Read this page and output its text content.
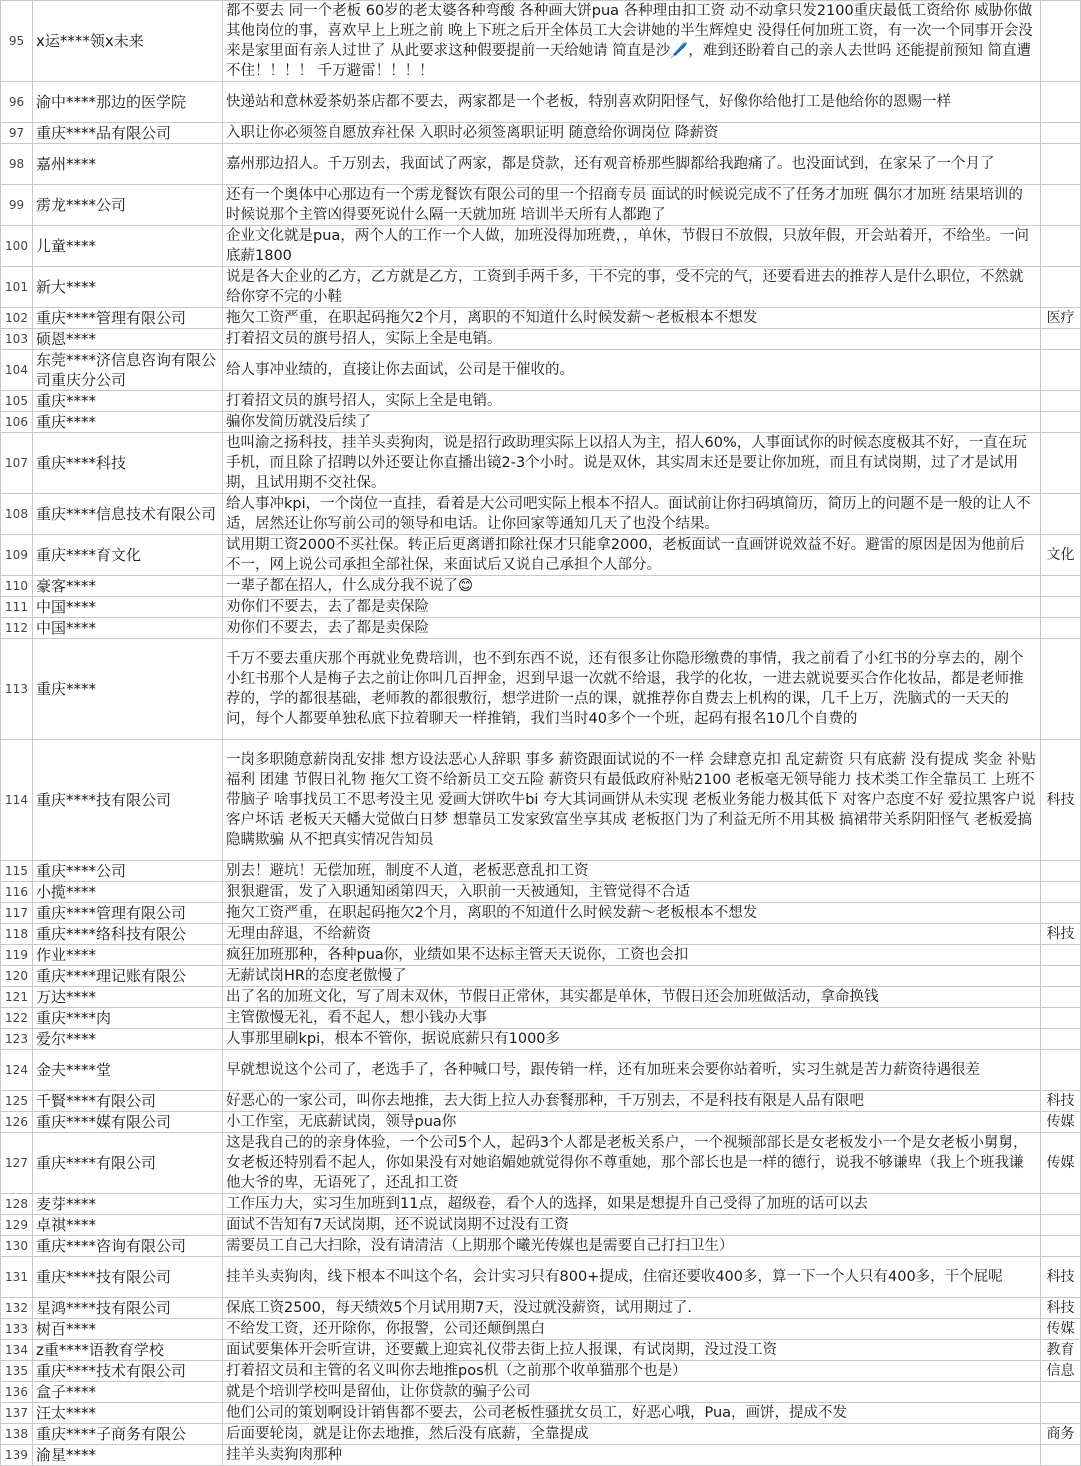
95	x运****领x未来	都不要去 同一个老板 60岁的老太婆各种弯酸 各种画大饼pua 各种理由扣工资 动不动拿只发2100重庆最低工资给你 威胁你做其他岗位的事，喜欢早上上班之前 晚上下班之后开全体员工大会讲她的半生辉煌史 没得任何加班工资，有一次一个同事开会没来是家里面有亲人过世了 从此要求这种假要提前一天给她请 简直是沙🖊️，难到还盼着自己的亲人去世吗 还能提前预知 简直遭不住！！！！ 千万避雷！！！！	
96	渝中****那边的医学院	快递站和意林爱茶奶茶店都不要去，两家都是一个老板，特别喜欢阴阳怪气，好像你给他打工是他给你的恩赐一样	
97	重庆****品有限公司	入职让你必须签自愿放弃社保 入职时必须签离职证明 随意给你调岗位 降薪资	
98	嘉州****	嘉州那边招人。千万别去，我面试了两家，都是贷款，还有观音桥那些脚都给我跑痛了。也没面试到，在家呆了一个月了	
99	雳龙****公司	还有一个奥体中心那边有一个雳龙餐饮有限公司的里一个招商专员 面试的时候说完成不了任务才加班 偶尔才加班 结果培训的时候说那个主管凶得要死说什么隔一天就加班 培训半天所有人都跑了	
100	儿童****	企业文化就是pua，两个人的工作一个人做，加班没得加班费，，单休，节假日不放假，只放年假，开会站着开，不给坐。一问底薪1800	
101	新大****	说是各大企业的乙方，乙方就是乙方，工资到手两千多，干不完的事，受不完的气，还要看进去的推荐人是什么职位，不然就给你穿不完的小鞋	
102	重庆****管理有限公司	拖欠工资严重，在职起码拖欠2个月，离职的不知道什么时候发薪～老板根本不想发	医疗
103	硕恩****	打着招文员的旗号招人，实际上全是电销。	
104	东莞****济信息咨询有限公司重庆分公司	给人事冲业绩的，直接让你去面试，公司是干催收的。	
105	重庆****	打着招文员的旗号招人，实际上全是电销。	
106	重庆****	骗你发简历就没后续了	
107	重庆****科技	也叫渝之扬科技，挂羊头卖狗肉，说是招行政助理实际上以招人为主，招人60%，人事面试你的时候态度极其不好，一直在玩手机，而且除了招聘以外还要让你直播出镜2-3个小时。说是双休，其实周末还是要让你加班，而且有试岗期，过了才是试用期，且试用期不交社保。	
108	重庆****信息技术有限公司	给人事冲kpi，一个岗位一直挂，看着是大公司吧实际上根本不招人。面试前让你扫码填简历，简历上的问题不是一般的让人不适，居然还让你写前公司的领导和电话。让你回家等通知几天了也没个结果。	
109	重庆****育文化	试用期工资2000不买社保。转正后更离谱扣除社保才只能拿2000，老板面试一直画饼说效益不好。避雷的原因是因为他前后不一，网上说公司承担全部社保，来面试后又说自己承担个人部分。	文化
110	豪客****	一辈子都在招人，什么成分我不说了😊	
111	中国****	劝你们不要去，去了都是卖保险	
112	中国****	劝你们不要去，去了都是卖保险	
113	重庆****	千万不要去重庆那个再就业免费培训，也不到东西不说，还有很多让你隐形缴费的事情，我之前看了小红书的分享去的，剐个小红书那个人是梅子去之前让你叫几百押金，迟到早退一次就不给退，我学的化妆，一进去就说要买合作化妆品，都是老师推荐的，学的都很基础，老师教的都很敷衍，想学进阶一点的课，就推荐你自费去上机构的课，几千上万，洗脑式的一天天的问，每个人都要单独私底下拉着聊天一样推销，我们当时40多个一个班，起码有报名10几个自费的	
114	重庆****技有限公司	一岗多职随意薪岗乱安排 想方设法恶心人辞职 事多 薪资跟面试说的不一样 会肆意克扣 乱定薪资 只有底薪 没有提成 奖金 补贴 福利 团建 节假日礼物 拖欠工资不给新员工交五险 薪资只有最低政府补贴2100 老板毫无领导能力 技术类工作全靠员工 上班不带脑子 啥事找员工不思考没主见 爱画大饼吹牛bi 夸大其词画饼从未实现 老板业务能力极其低下 对客户态度不好 爱拉黑客户说客户坏话 老板天天幡大觉做白日梦 想靠员工发家致富坐享其成 老板抠门为了利益无所不用其极 搞裙带关系阴阳怪气 老板爱搞隐瞒欺骗 从不把真实情况告知员	科技
115	重庆****公司	别去！避坑！无偿加班，制度不人道，老板恶意乱扣工资	
116	小揽****	狠狠避雷，发了入职通知函第四天，入职前一天被通知，主管觉得不合适	
117	重庆****管理有限公司	拖欠工资严重，在职起码拖欠2个月，离职的不知道什么时候发薪～老板根本不想发	
118	重庆****络科技有限公	无理由辞退，不给薪资	科技
119	作业****	疯狂加班那种，各种pua你，业绩如果不达标主管天天说你，工资也会扣	
120	重庆****理记账有限公	无薪试岗HR的态度老傲慢了	
121	万达****	出了名的加班文化，写了周末双休，节假日正常休，其实都是单休，节假日还会加班做活动，拿命换钱	
122	重庆****肉	主管傲慢无礼，看不起人，想小钱办大事	
123	爱尔****	人事那里刷kpi，根本不管你，据说底薪只有1000多	
124	金夫****堂	早就想说这个公司了，老选手了，各种喊口号，跟传销一样，还有加班来会要你站着听，实习生就是苦力薪资待遇很差	
125	千賢****有限公司	好恶心的一家公司，叫你去地推，去大街上拉人办套餐那种，千万别去，不是科技有限是人品有限吧	科技
126	重庆****媒有限公司	小工作室，无底薪试岗，领导pua你	传媒
127	重庆****有限公司	这是我自己的的亲身体验，一个公司5个人，起码3个人都是老板关系户，一个视频部部长是女老板发小一个是女老板小舅舅，女老板还特别看不起人，你如果没有对她谄媚她就觉得你不尊重她，那个部长也是一样的德行，说我不够谦卑（我上个班我谦他大爷的卑，无语死了，还乱扣工资	传媒
128	麦芽****	工作压力大，实习生加班到11点，超级卷，看个人的选择，如果是想提升自己受得了加班的话可以去	
129	卓祺****	面试不告知有7天试岗期，还不说试岗期不过没有工资	
130	重庆****咨询有限公司	需要员工自己大扫除，没有请清洁（上期那个曦光传媒也是需要自己打扫卫生）	
131	重庆****技有限公司	挂羊头卖狗肉，线下根本不叫这个名，会计实习只有800+提成，住宿还要收400多，算一下一个人只有400多，干个屁呢	科技
132	星鸿****技有限公司	保底工资2500，每天绩效5个月试用期7天，没过就没薪资，试用期过了.	科技
133	树百****	不给发工资，还开除你，你报警，公司还颠倒黑白	传媒
134	z重****语教育学校	面试要集体开会听宣讲，还要戴上迎宾礼仪带去街上拉人报课，有试岗期，没过没工资	教育
135	重庆****技术有限公司	打着招文员和主管的名义叫你去地推pos机（之前那个收单猫那个也是）	信息
136	盒子****	就是个培训学校叫是留仙，让你贷款的骗子公司	
137	汪太****	他们公司的策划啊设计销售都不要去，公司老板性骚扰女员工，好恶心哦，Pua，画饼，提成不发	
138	重庆****子商务有限公	后面要轮岗，就是让你去地推，然后没有底薪，全靠提成	商务
139	渝星****	挂羊头卖狗肉那种	
